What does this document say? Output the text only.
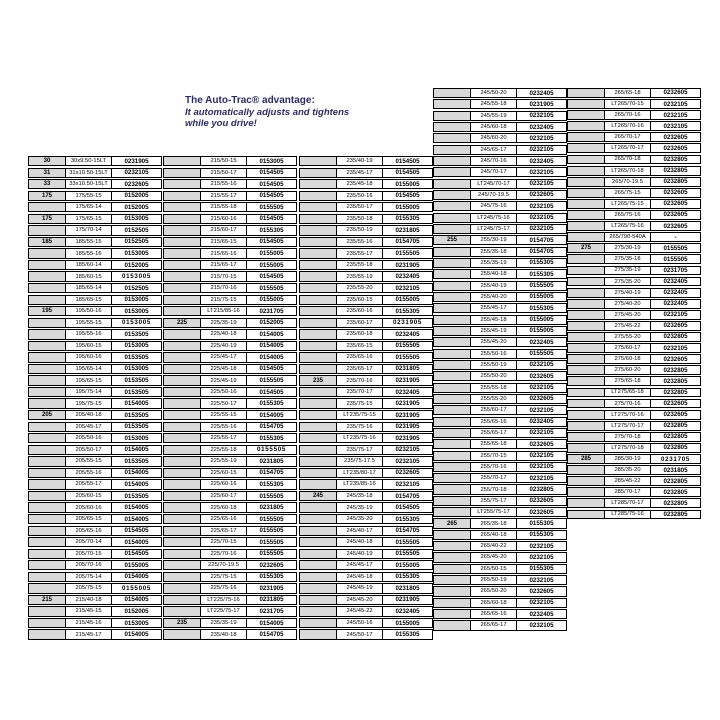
The Auto-Trac® advantage:
It automatically adjusts and tightens
while you drive!
30	30x9.50-15LT	0231905
31	31x10.50-15LT	0232105
33	33x10.50-15LT	0232605
175	175/55-15	0152005
175/65-14	0152005
175	175/65-15	0153005
175/70-14	0152505
185	185/55-15	0152505
185/55-16	0153005
185/60-14	0152005
185/60-15	0153005
185/65-14	0152505
185/65-15	0153005
195	195/50-16	0153005
195/55-15	0153005
195/55-16	0153505
195/60-15	0153005
195/60-16	0153505
195/65-14	0153005
195/65-15	0153505
195/75-14	0153505
195/75-15	0154005
205	205/40-18	0153505
205/45-17	0153505
205/50-16	0153005
205/50-17	0154005
205/55-15	0153505
205/55-16	0154005
205/55-17	0154005
205/60-15	0153505
205/60-16	0154005
205/65-15	0154005
205/65-16	0154505
205/70-14	0154005
205/70-15	0154505
205/70-16	0155005
205/75-14	0154005
205/75-15	0155005
215	215/40-18	0154005
215/45-15	0152005
215/45-16	0153005
215/45-17	0154005
215/50-15	0153005
215/50-17	0154505
215/55-16	0154505
215/55-17	0154505
215/55-18	0155505
215/60-16	0154505
215/60-17	0155305
215/65-15	0154505
215/65-16	0155005
215/65-17	0155005
215/70-15	0154505
215/70-16	0155505
215/75-15	0155005
LT215/85-16	0231705
225	225/35-19	0152005
225/40-18	0154005
225/40-19	0154005
225/45-17	0154005
225/45-18	0154505
225/45-19	0155505
225/50-16	0154505
225/50-17	0155305
225/55-15	0154005
225/55-16	0154705
225/55-17	0155305
225/55-18	0155505
225/55-19	0231805
225/60-15	0154705
225/60-16	0155305
225/60-17	0155505
225/60-18	0231805
225/65-16	0155505
225/65-17	0155505
225/70-15	0155505
225/70-16	0155505
225/70-19.5	0232605
225/75-15	0155305
225/75-16	0231905
LT225/75-16	0231805
LT225/75-17	0231705
235	235/35-19	0154005
235/40-18	0154705
235/40-19	0154505
235/45-17	0154505
235/45-18	0155005
235/50-16	0154505
235/50-17	0155005
235/50-18	0155305
235/50-19	0231805
235/55-16	0154705
235/55-17	0155505
235/55-18	0231905
235/55-19	0232405
235/55-20	0232105
235/60-15	0155005
235/60-16	0155305
235/60-17	0231905
235/60-18	0232405
235/65-15	0155505
235/65-16	0155505
235/65-17	0231805
235	235/70-16	0231905
235/70-17	0232405
235/75-15	0231905
LT235/75-15	0231905
235/75-16	0231905
LT235/75-16	0231905
235/75-17	0232105
235/75-17.5	0232105
LT235/80-17	0232605
LT235/85-16	0232105
245	245/35-18	0154705
245/35-19	0154505
245/35-20	0155305
245/40-17	0154705
245/40-18	0155505
245/40-19	0155505
245/45-17	0155005
245/45-18	0155305
245/45-19	0231805
245/45-20	0231905
245/45-22	0232405
245/50-16	0155005
245/50-17	0155305
245/50-20	0232405
245/55-18	0231905
245/55-19	0232105
245/60-18	0232405
245/60-20	0232105
245/65-17	0232105
245/70-16	0232405
245/70-17	0232105
LT245/70-17	0232105
245/70-19.5	0232605
245/75-16	0232105
LT245/75-16	0232105
LT245/75-17	0232105
255	255/30-19	0154705
255/35-18	0154705
255/35-19	0155305
255/40-18	0155305
255/40-19	0155505
255/40-20	0155005
255/45-17	0155305
255/45-18	0155005
255/45-19	0155005
255/45-20	0232405
255/50-16	0155505
255/50-19	0232105
255/50-20	0232605
255/55-18	0232105
255/55-20	0232605
255/60-17	0232105
255/65-16	0232405
255/65-17	0232105
255/65-18	0232605
255/70-15	0232105
255/70-16	0232105
255/70-17	0232105
255/70-18	0232805
255/75-17	0232605
LT255/75-17	0232605
265	265/35-18	0155305
265/40-18	0155305
265/40-22	0232105
265/45-20	0232105
265/50-15	0155305
265/50-19	0232105
265/50-20	0232605
265/60-18	0232105
265/65-16	0232405
265/65-17	0232105
265/65-18	0232605
LT265/70-15	0232105
265/70-16	0232105
LT265/70-16	0232105
265/70-17	0232605
LT265/70-17	0232605
265/70-18	0232805
LT265/70-18	0232805
265/70-19.5	0232805
265/75-15	0232605
LT265/75-15	0232605
265/75-16	0232605
LT265/75-16	0232605
265/790-540A	-
275	275/30-19	0155505
275/35-18	0155505
275/35-19	0231705
275/35-20	0232405
275/40-19	0232405
275/40-20	0232405
275/45-20	0232105
275/45-22	0232605
275/55-20	0232805
275/60-17	0232105
275/60-18	0232605
275/60-20	0232805
275/65-18	0232805
LT275/65-18	0232805
275/70-16	0232605
LT275/70-16	0232605
LT275/70-17	0232805
275/70-18	0232805
LT275/70-18	0232805
285	285/30-19	0231705
285/35-20	0231805
285/45-22	0232805
285/70-17	0232805
LT285/70-17	0232805
LT285/75-16	0232805
